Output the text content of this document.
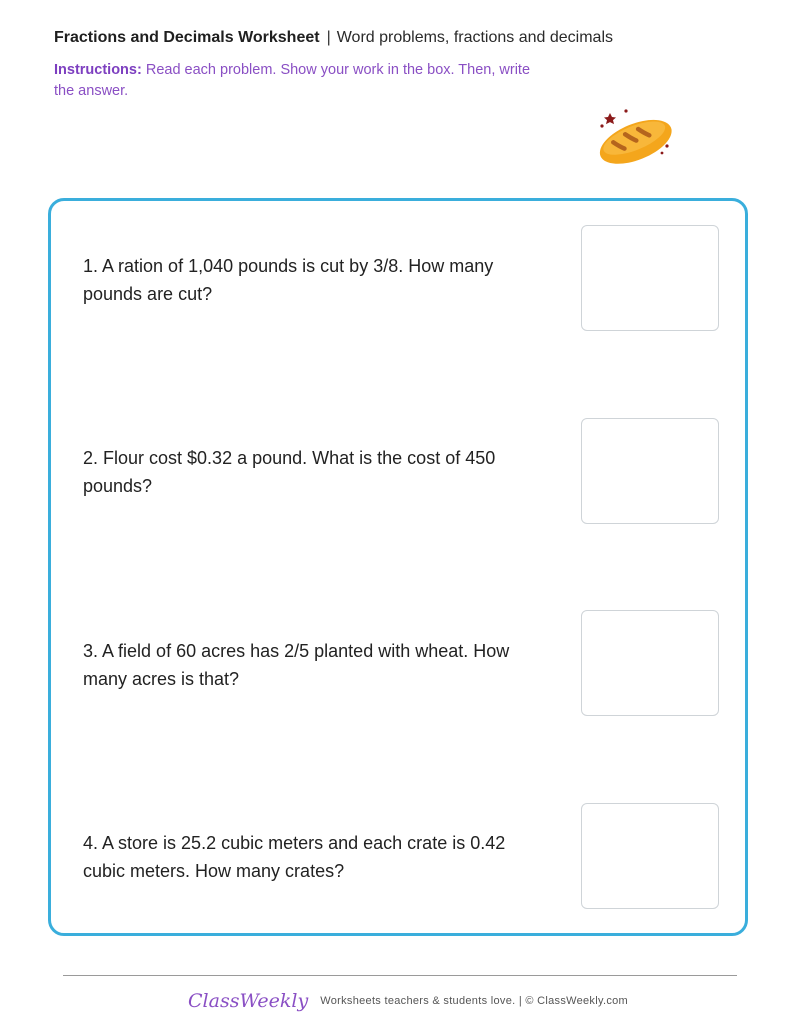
Fractions and Decimals Worksheet | Word problems, fractions and decimals
Instructions: Read each problem. Show your work in the box. Then, write the answer.
1. A ration of 1,040 pounds is cut by 3/8. How many pounds are cut?
2. Flour cost $0.32 a pound. What is the cost of 450 pounds?
3. A field of 60 acres has 2/5 planted with wheat. How many acres is that?
4. A store is 25.2 cubic meters and each crate is 0.42 cubic meters. How many crates?
ClassWeekly Worksheets teachers & students love. | © ClassWeekly.com
